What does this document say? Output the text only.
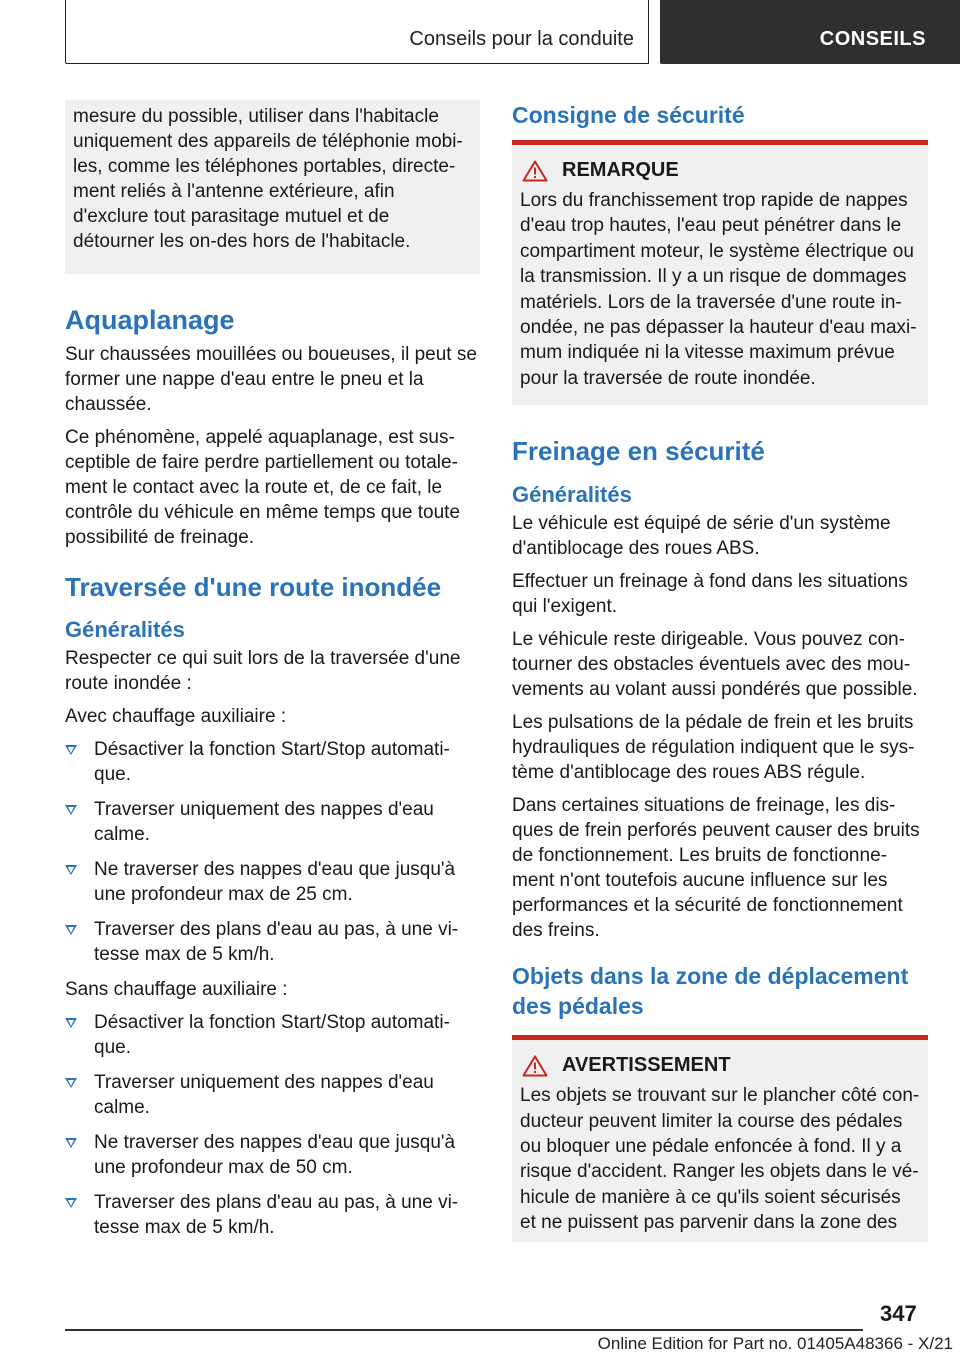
Conseils pour la conduite	CONSEILS
mesure du possible, utiliser dans l'habitacle uniquement des appareils de téléphonie mobi‐les, comme les téléphones portables, directe‐ment reliés à l'antenne extérieure, afin d'exclure tout parasitage mutuel et de détourner les on‐des hors de l'habitacle.
Aquaplanage

Sur chaussées mouillées ou boueuses, il peut se former une nappe d'eau entre le pneu et la chaussée.

Ce phénomène, appelé aquaplanage, est sus‐ceptible de faire perdre partiellement ou totale‐ment le contact avec la route et, de ce fait, le contrôle du véhicule en même temps que toute possibilité de freinage.

Traversée d'une route inondée
Généralités

Respecter ce qui suit lors de la traversée d'une route inondée :

Avec chauffage auxiliaire :

Désactiver la fonction Start/Stop automati‐que.
Traverser uniquement des nappes d'eau calme.
Ne traverser des nappes d'eau que jusqu'à une profondeur max de 25 cm.
Traverser des plans d'eau au pas, à une vi‐tesse max de 5 km/h.

Sans chauffage auxiliaire :

Désactiver la fonction Start/Stop automati‐que.
Traverser uniquement des nappes d'eau calme.
Ne traverser des nappes d'eau que jusqu'à une profondeur max de 50 cm.
Traverser des plans d'eau au pas, à une vi‐tesse max de 5 km/h.
Consigne de sécurité
REMARQUE
Lors du franchissement trop rapide de nappes d'eau trop hautes, l'eau peut pénétrer dans le compartiment moteur, le système électrique ou la transmission. Il y a un risque de dommages matériels. Lors de la traversée d'une route in‐ondée, ne pas dépasser la hauteur d'eau maxi‐mum indiquée ni la vitesse maximum prévue pour la traversée de route inondée.
Freinage en sécurité
Généralités

Le véhicule est équipé de série d'un système d'antiblocage des roues ABS.

Effectuer un freinage à fond dans les situations qui l'exigent.

Le véhicule reste dirigeable. Vous pouvez con‐tourner des obstacles éventuels avec des mou‐vements au volant aussi pondérés que possible.

Les pulsations de la pédale de frein et les bruits hydrauliques de régulation indiquent que le sys‐tème d'antiblocage des roues ABS régule.

Dans certaines situations de freinage, les dis‐ques de frein perforés peuvent causer des bruits de fonctionnement. Les bruits de fonctionne‐ment n'ont toutefois aucune influence sur les performances et la sécurité de fonctionnement des freins.

Objets dans la zone de déplacement des pédales
AVERTISSEMENT
Les objets se trouvant sur le plancher côté con‐ducteur peuvent limiter la course des pédales ou bloquer une pédale enfoncée à fond. Il y a risque d'accident. Ranger les objets dans le vé‐hicule de manière à ce qu'ils soient sécurisés et ne puissent pas parvenir dans la zone des
347
Online Edition for Part no. 01405A48366 - X/21
